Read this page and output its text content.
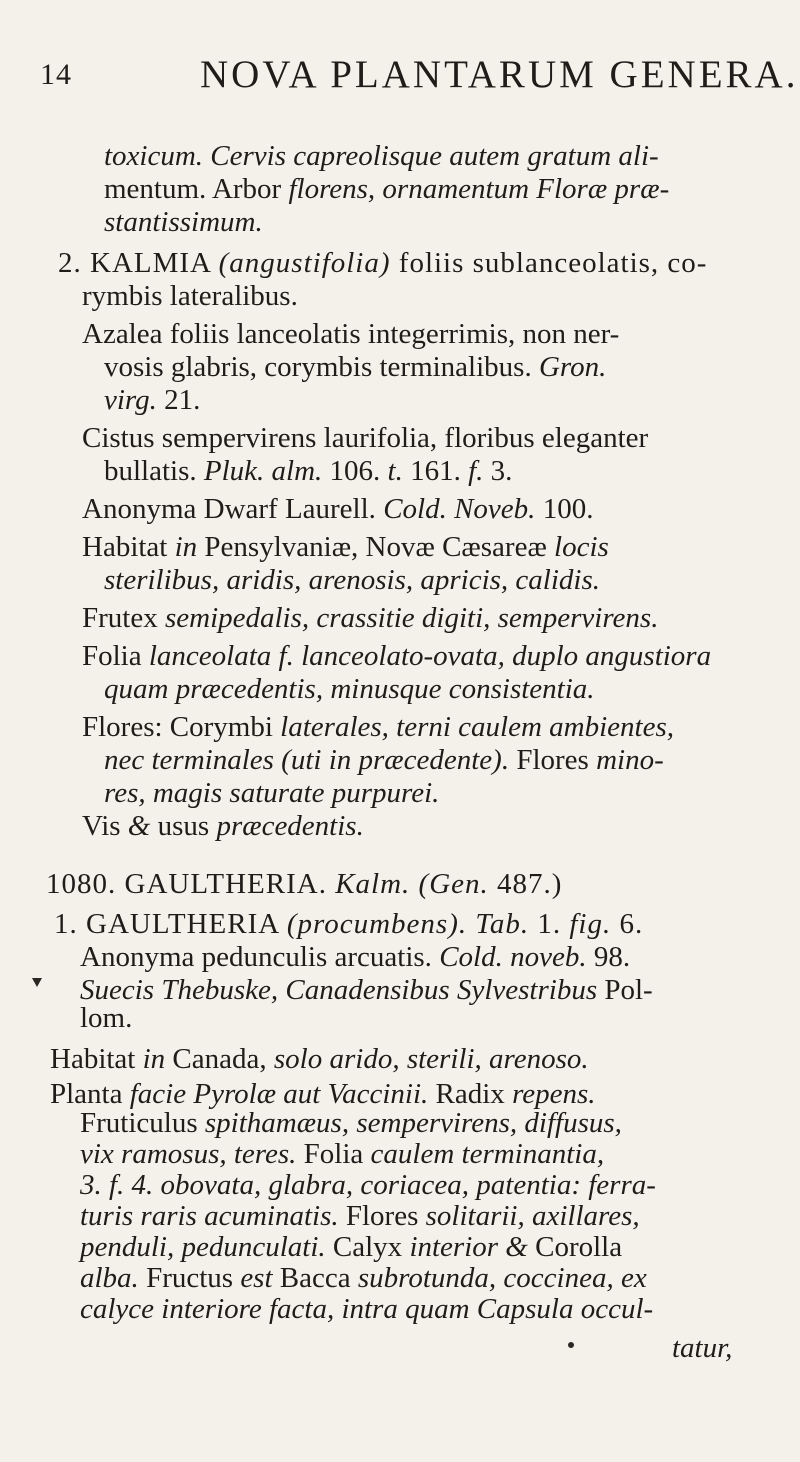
14	NOVA PLANTARUM GENERA.
toxicum. Cervis capreolisque autem gratum ali-
mentum. Arbor florens, ornamentum Floræ præ-
stantissimum.
2. KALMIA (angustifolia) foliis sublanceolatis, co-
rymbis lateralibus.
Azalea foliis lanceolatis integerrimis, non ner-
vosis glabris, corymbis terminalibus. Gron.
virg. 21.
Cistus sempervirens laurifolia, floribus eleganter
bullatis. Pluk. alm. 106. t. 161. f. 3.
Anonyma Dwarf Laurell. Cold. Noveb. 100.
Habitat in Pensylvaniæ, Novæ Cæsareæ locis
sterilibus, aridis, arenosis, apricis, calidis.
Frutex semipedalis, crassitie digiti, sempervirens.
Folia lanceolata f. lanceolato-ovata, duplo angustiora
quam præcedentis, minusque consistentia.
Flores: Corymbi laterales, terni caulem ambientes,
nec terminales (uti in præcedente). Flores mino-
res, magis saturate purpurei.
Vis & usus præcedentis.
1080. GAULTHERIA. Kalm. (Gen. 487.)
1. GAULTHERIA (procumbens). Tab. 1. fig. 6.
Anonyma pedunculis arcuatis. Cold. noveb. 98.
Suecis Thebuske, Canadensibus Sylvestribus Pol-
lom.
Habitat in Canada, solo arido, sterili, arenoso.
Planta facie Pyrolæ aut Vaccinii. Radix repens.
Fruticulus spithamæus, sempervirens, diffusus,
vix ramosus, teres. Folia caulem terminantia,
3. f. 4. obovata, glabra, coriacea, patentia: ferra-
turis raris acuminatis. Flores solitarii, axillares,
penduli, pedunculati. Calyx interior & Corolla
alba. Fructus est Bacca subrotunda, coccinea, ex
calyce interiore facta, intra quam Capsula occul-
tatur,
